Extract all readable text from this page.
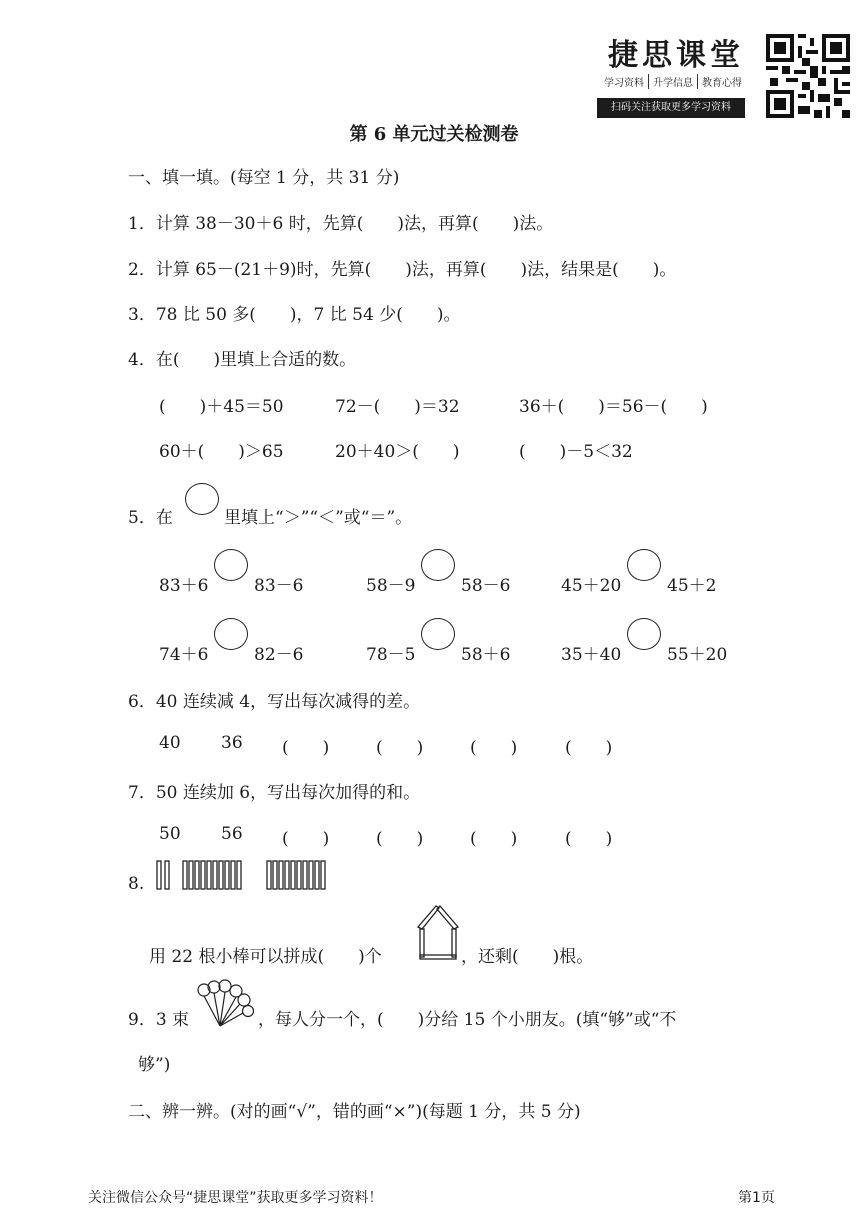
捷思课堂
学习资料 升学信息 教育心得
扫码关注获取更多学习资料
第 6 单元过关检测卷
一、填一填。(每空 1 分，共 31 分)
1．计算 38－30＋6 时，先算(　　)法，再算(　　)法。
2．计算 65－(21＋9)时，先算(　　)法，再算(　　)法，结果是(　　)。
3．78 比 50 多(　　)，7 比 54 少(　　)。
4．在(　　)里填上合适的数。
(　　)＋45＝50	72－(　　)＝32	36＋(　　)＝56－(　　)
60＋(　　)＞65	20＋40＞(　　)	(　　)－5＜32
5．在	里填上“＞”“＜”或“＝”。
83＋6	83－6	58－9	58－6	45＋20	45＋2
74＋6	82－6	78－5	58＋6	35＋40	55＋20
6．40 连续减 4，写出每次减得的差。
40 36 (　　)	(　　)	(　　)	(　　)
7．50 连续加 6，写出每次加得的和。
50 56 (　　)	(　　)	(　　)	(　　)
8.
用 22 根小棒可以拼成(　　)个	，还剩(　　)根。
9．3 束	，每人分一个，(　　)分给 15 个小朋友。(填“够”或“不
够”)
二、辨一辨。(对的画“√”，错的画“×”)(每题 1 分，共 5 分)
关注微信公众号“捷思课堂”获取更多学习资料！	第1页
